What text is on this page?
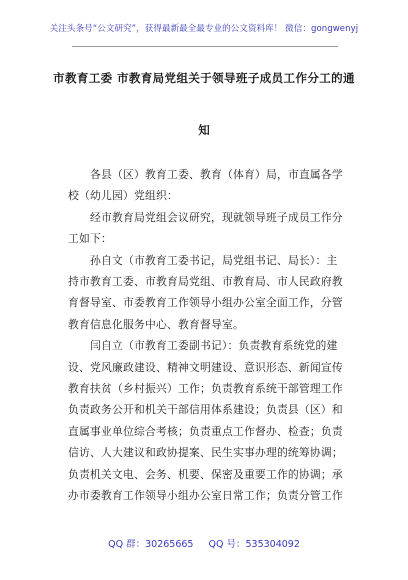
关注头条号“公文研究”，获得最新最全最专业的公文资料库！ 微信：gongwenyj
市教育工委 市教育局党组关于领导班子成员工作分工的通
知
各县（区）教育工委、教育（体育）局，市直属各学
校（幼儿园）党组织：
经市教育局党组会议研究，现就领导班子成员工作分
工如下：
孙自文（市教育工委书记，局党组书记、局长）：主
持市教育工委、市教育局党组、市教育局、市人民政府教
育督导室、市委教育工作领导小组办公室全面工作，分管
教育信息化服务中心、教育督导室。
闫自立（市教育工委副书记）：负责教育系统党的建
设、党风廉政建设、精神文明建设、意识形态、新闻宣传
教育扶贫（乡村振兴）工作；负责教育系统干部管理工作
负责政务公开和机关干部信用体系建设；负责县（区）和
直属事业单位综合考核；负责重点工作督办、检查；负责
信访、人大建议和政协提案、民生实事办理的统筹协调；
负责机关文电、会务、机要、保密及重要工作的协调；承
办市委教育工作领导小组办公室日常工作；负责分管工作
QQ 群：30265665 QQ 号：535304092
